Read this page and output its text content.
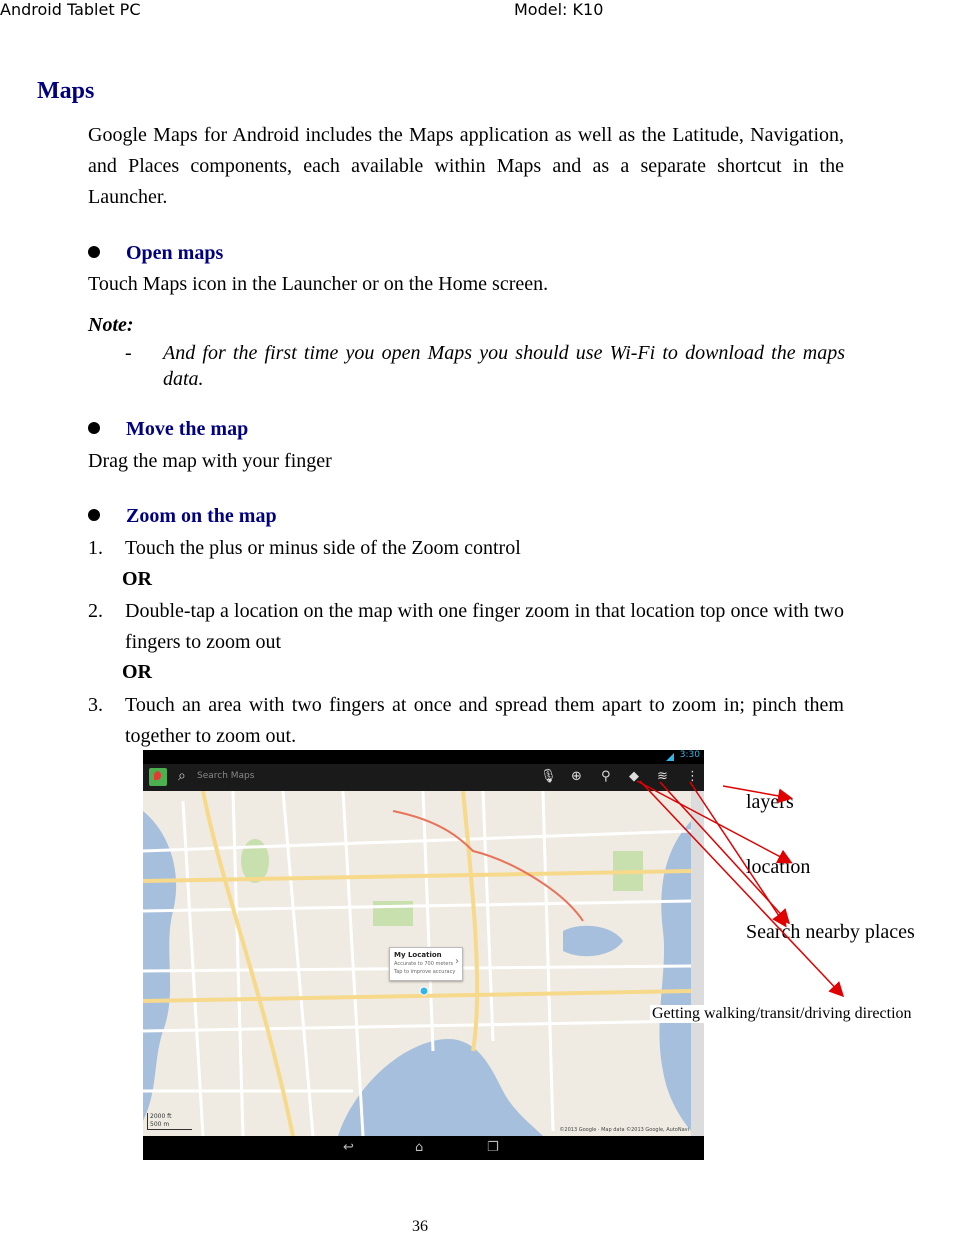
Android Tablet PC	Model: K10
Maps
Google Maps for Android includes the Maps application as well as the Latitude, Navigation, and Places components, each available within Maps and as a separate shortcut in the Launcher.
Open maps
Touch Maps icon in the Launcher or on the Home screen.
Note:
- And for the first time you open Maps you should use Wi-Fi to download the maps data.
Move the map
Drag the map with your finger
Zoom on the map
1. Touch the plus or minus side of the Zoom control
OR
2. Double-tap a location on the map with one finger zoom in that location top once with two fingers to zoom out
OR
3. Touch an area with two fingers at once and spread them apart to zoom in; pinch them together to zoom out.
3:30
⌕ Search Maps	🎙 ⊕ ⚲ ◆ ≋ ⋮
My Location
Accurate to 700 meters
Tap to improve accuracy
›
2000 ft
500 m
©2013 Google · Map data ©2013 Google, AutoNavi
↩	⌂	❐
layers
location
Search nearby places
Getting walking/transit/driving direction
36
